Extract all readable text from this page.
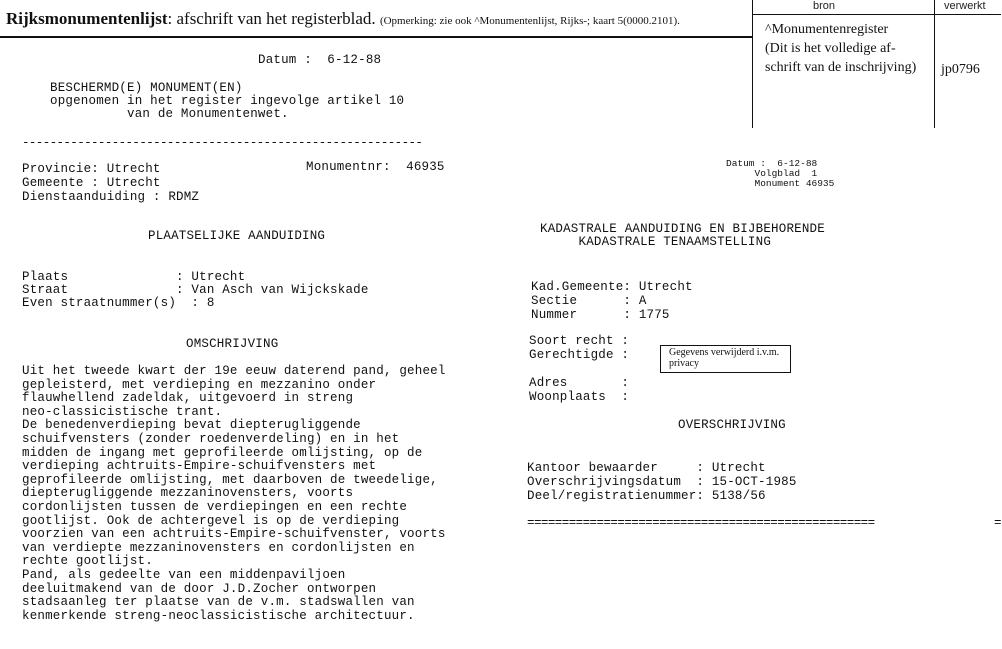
Rijksmonumentenlijst: afschrift van het registerblad. (Opmerking: zie ook ^Monumentenlijst, Rijks-; kaart 5(0000.2101).
bron	verwerkt
^Monumentenregister
(Dit is het volledige af-
schrift van de inschrijving) jp0796
Datum :  6-12-88
BESCHERMD(E) MONUMENT(EN)
opgenomen in het register ingevolge artikel 10
van de Monumentenwet.
----------------------------------------------------------
Provincie: Utrecht
Gemeente : Utrecht
Dienstaanduiding : RDMZ
Monumentnr:  46935
PLAATSELIJKE AANDUIDING
Plaats              : Utrecht
Straat              : Van Asch van Wijckskade
Even straatnummer(s)  : 8
OMSCHRIJVING
Uit het tweede kwart der 19e eeuw daterend pand, geheel
gepleisterd, met verdieping en mezzanino onder
flauwhellend zadeldak, uitgevoerd in streng
neo-classicistische trant.
De benedenverdieping bevat diepterugliggende
schuifvensters (zonder roedenverdeling) en in het
midden de ingang met geprofileerde omlijsting, op de
verdieping achtruits-Empire-schuifvensters met
geprofileerde omlijsting, met daarboven de tweedelige,
diepterugliggende mezzaninovensters, voorts
cordonlijsten tussen de verdiepingen en een rechte
gootlijst. Ook de achtergevel is op de verdieping
voorzien van een achtruits-Empire-schuifvenster, voorts
van verdiepte mezzaninovensters en cordonlijsten en
rechte gootlijst.
Pand, als gedeelte van een middenpaviljoen
deeluitmakend van de door J.D.Zocher ontworpen
stadsaanleg ter plaatse van de v.m. stadswallen van
kenmerkende streng-neoclassicistische architectuur.
Datum :  6-12-88
Volgblad  1
Monument 46935
KADASTRALE AANDUIDING EN BIJBEHORENDE
KADASTRALE TENAAMSTELLING
Kad.Gemeente: Utrecht
Sectie      : A
Nummer      : 1775
Soort recht :
Gerechtigde :	Gegevens verwijderd i.v.m. privacy
Adres       :
Woonplaats  :
OVERSCHRIJVING
Kantoor bewaarder     : Utrecht
Overschrijvingsdatum  : 15-OCT-1985
Deel/registratienummer: 5138/56
==================================================	=
